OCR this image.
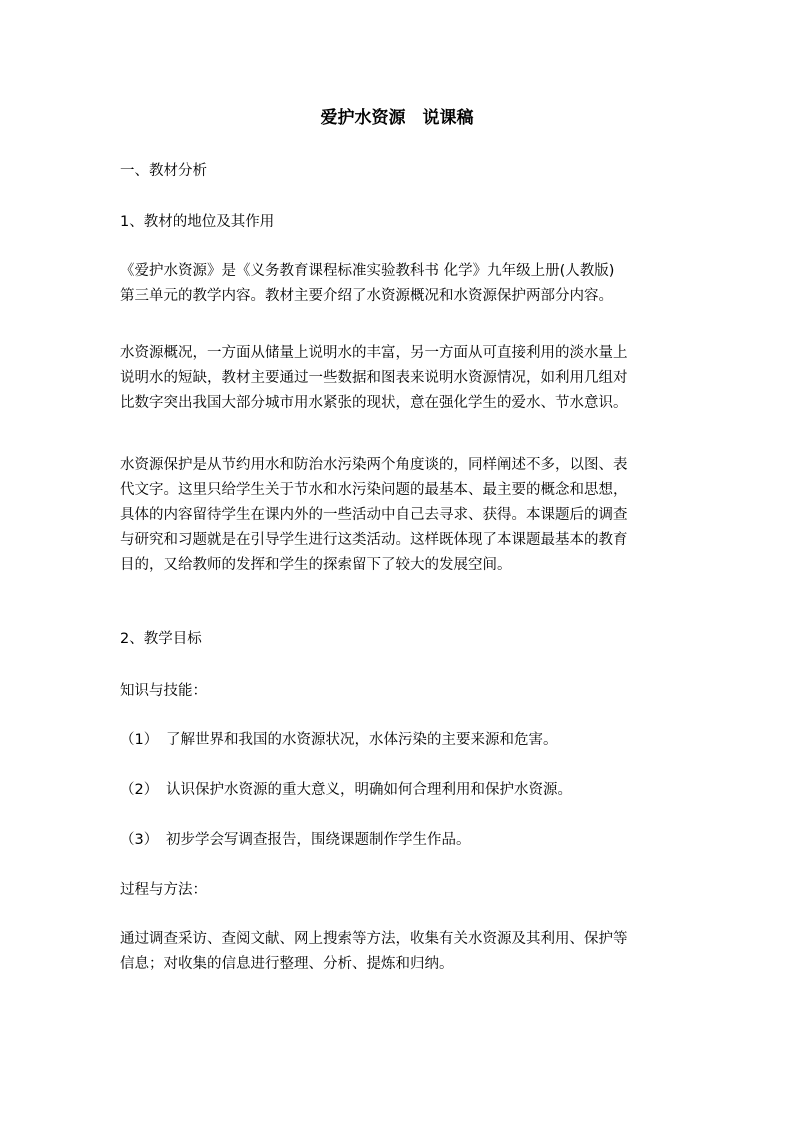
爱护水资源　说课稿
一、教材分析
1、教材的地位及其作用
《爱护水资源》是《义务教育课程标准实验教科书 化学》九年级上册(人教版)
第三单元的教学内容。教材主要介绍了水资源概况和水资源保护两部分内容。
水资源概况，一方面从储量上说明水的丰富，另一方面从可直接利用的淡水量上
说明水的短缺，教材主要通过一些数据和图表来说明水资源情况，如利用几组对
比数字突出我国大部分城市用水紧张的现状，意在强化学生的爱水、节水意识。
水资源保护是从节约用水和防治水污染两个角度谈的，同样阐述不多，以图、表
代文字。这里只给学生关于节水和水污染问题的最基本、最主要的概念和思想，
具体的内容留待学生在课内外的一些活动中自己去寻求、获得。本课题后的调查
与研究和习题就是在引导学生进行这类活动。这样既体现了本课题最基本的教育
目的，又给教师的发挥和学生的探索留下了较大的发展空间。
2、教学目标
知识与技能：
（1） 了解世界和我国的水资源状况，水体污染的主要来源和危害。
（2） 认识保护水资源的重大意义，明确如何合理利用和保护水资源。
（3） 初步学会写调查报告，围绕课题制作学生作品。
过程与方法：
通过调查采访、查阅文献、网上搜索等方法，收集有关水资源及其利用、保护等
信息；对收集的信息进行整理、分析、提炼和归纳。
